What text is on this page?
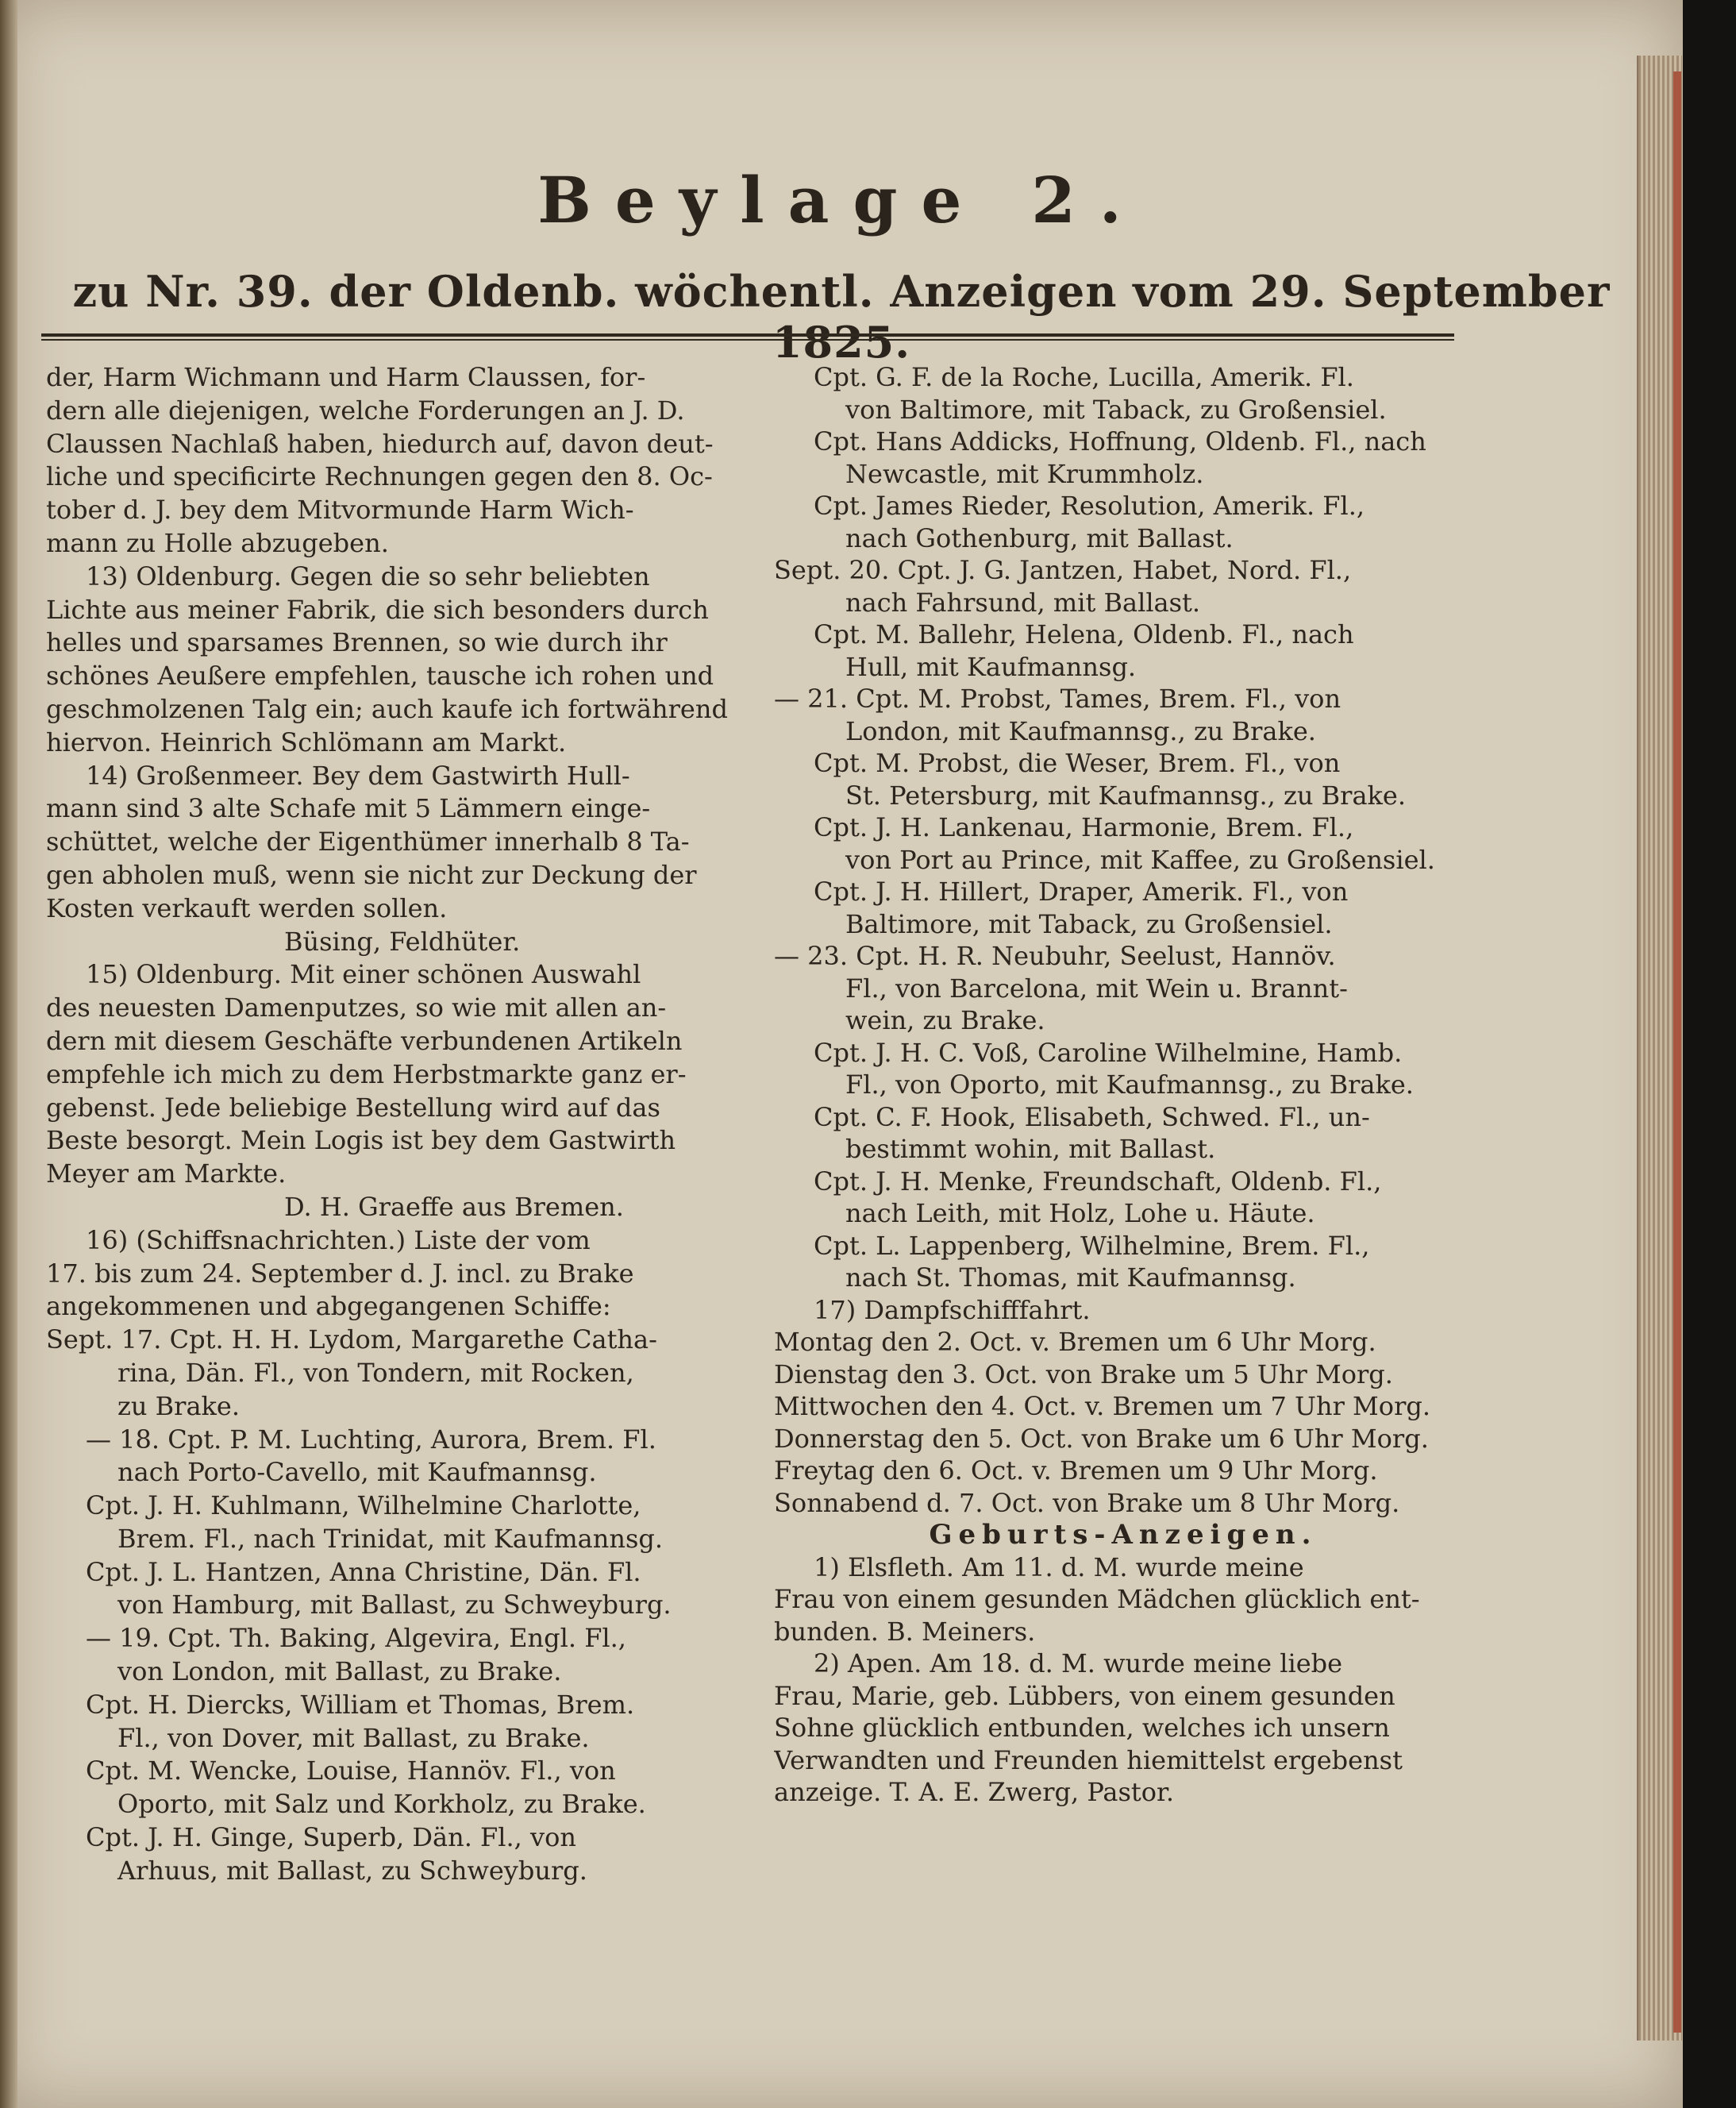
Beylage 2.
zu Nr. 39. der Oldenb. wöchentl. Anzeigen vom 29. September 1825.
der, Harm Wichmann und Harm Claussen, for-
dern alle diejenigen, welche Forderungen an J. D.
Claussen Nachlaß haben, hiedurch auf, davon deut-
liche und specificirte Rechnungen gegen den 8. Oc-
tober d. J. bey dem Mitvormunde Harm Wich-
mann zu Holle abzugeben.
13) Oldenburg. Gegen die so sehr beliebten
Lichte aus meiner Fabrik, die sich besonders durch
helles und sparsames Brennen, so wie durch ihr
schönes Aeußere empfehlen, tausche ich rohen und
geschmolzenen Talg ein; auch kaufe ich fortwährend
hiervon. Heinrich Schlömann am Markt.
14) Großenmeer. Bey dem Gastwirth Hull-
mann sind 3 alte Schafe mit 5 Lämmern einge-
schüttet, welche der Eigenthümer innerhalb 8 Ta-
gen abholen muß, wenn sie nicht zur Deckung der
Kosten verkauft werden sollen.
Büsing, Feldhüter.
15) Oldenburg. Mit einer schönen Auswahl
des neuesten Damenputzes, so wie mit allen an-
dern mit diesem Geschäfte verbundenen Artikeln
empfehle ich mich zu dem Herbstmarkte ganz er-
gebenst. Jede beliebige Bestellung wird auf das
Beste besorgt. Mein Logis ist bey dem Gastwirth
Meyer am Markte.
D. H. Graeffe aus Bremen.
16) (Schiffsnachrichten.) Liste der vom
17. bis zum 24. September d. J. incl. zu Brake
angekommenen und abgegangenen Schiffe:
Sept. 17. Cpt. H. H. Lydom, Margarethe Catha-
rina, Dän. Fl., von Tondern, mit Rocken,
zu Brake.
— 18. Cpt. P. M. Luchting, Aurora, Brem. Fl.
nach Porto-Cavello, mit Kaufmannsg.
Cpt. J. H. Kuhlmann, Wilhelmine Charlotte,
Brem. Fl., nach Trinidat, mit Kaufmannsg.
Cpt. J. L. Hantzen, Anna Christine, Dän. Fl.
von Hamburg, mit Ballast, zu Schweyburg.
— 19. Cpt. Th. Baking, Algevira, Engl. Fl.,
von London, mit Ballast, zu Brake.
Cpt. H. Diercks, William et Thomas, Brem.
Fl., von Dover, mit Ballast, zu Brake.
Cpt. M. Wencke, Louise, Hannöv. Fl., von
Oporto, mit Salz und Korkholz, zu Brake.
Cpt. J. H. Ginge, Superb, Dän. Fl., von
Arhuus, mit Ballast, zu Schweyburg.
Cpt. G. F. de la Roche, Lucilla, Amerik. Fl.
von Baltimore, mit Taback, zu Großensiel.
Cpt. Hans Addicks, Hoffnung, Oldenb. Fl., nach
Newcastle, mit Krummholz.
Cpt. James Rieder, Resolution, Amerik. Fl.,
nach Gothenburg, mit Ballast.
Sept. 20. Cpt. J. G. Jantzen, Habet, Nord. Fl.,
nach Fahrsund, mit Ballast.
Cpt. M. Ballehr, Helena, Oldenb. Fl., nach
Hull, mit Kaufmannsg.
— 21. Cpt. M. Probst, Tames, Brem. Fl., von
London, mit Kaufmannsg., zu Brake.
Cpt. M. Probst, die Weser, Brem. Fl., von
St. Petersburg, mit Kaufmannsg., zu Brake.
Cpt. J. H. Lankenau, Harmonie, Brem. Fl.,
von Port au Prince, mit Kaffee, zu Großensiel.
Cpt. J. H. Hillert, Draper, Amerik. Fl., von
Baltimore, mit Taback, zu Großensiel.
— 23. Cpt. H. R. Neubuhr, Seelust, Hannöv.
Fl., von Barcelona, mit Wein u. Brannt-
wein, zu Brake.
Cpt. J. H. C. Voß, Caroline Wilhelmine, Hamb.
Fl., von Oporto, mit Kaufmannsg., zu Brake.
Cpt. C. F. Hook, Elisabeth, Schwed. Fl., un-
bestimmt wohin, mit Ballast.
Cpt. J. H. Menke, Freundschaft, Oldenb. Fl.,
nach Leith, mit Holz, Lohe u. Häute.
Cpt. L. Lappenberg, Wilhelmine, Brem. Fl.,
nach St. Thomas, mit Kaufmannsg.
17) Dampfschifffahrt.
Montag den 2. Oct. v. Bremen um 6 Uhr Morg.
Dienstag den 3. Oct. von Brake um 5 Uhr Morg.
Mittwochen den 4. Oct. v. Bremen um 7 Uhr Morg.
Donnerstag den 5. Oct. von Brake um 6 Uhr Morg.
Freytag den 6. Oct. v. Bremen um 9 Uhr Morg.
Sonnabend d. 7. Oct. von Brake um 8 Uhr Morg.
Geburts-Anzeigen.
1) Elsfleth. Am 11. d. M. wurde meine
Frau von einem gesunden Mädchen glücklich ent-
bunden. B. Meiners.
2) Apen. Am 18. d. M. wurde meine liebe
Frau, Marie, geb. Lübbers, von einem gesunden
Sohne glücklich entbunden, welches ich unsern
Verwandten und Freunden hiemittelst ergebenst
anzeige. T. A. E. Zwerg, Pastor.
